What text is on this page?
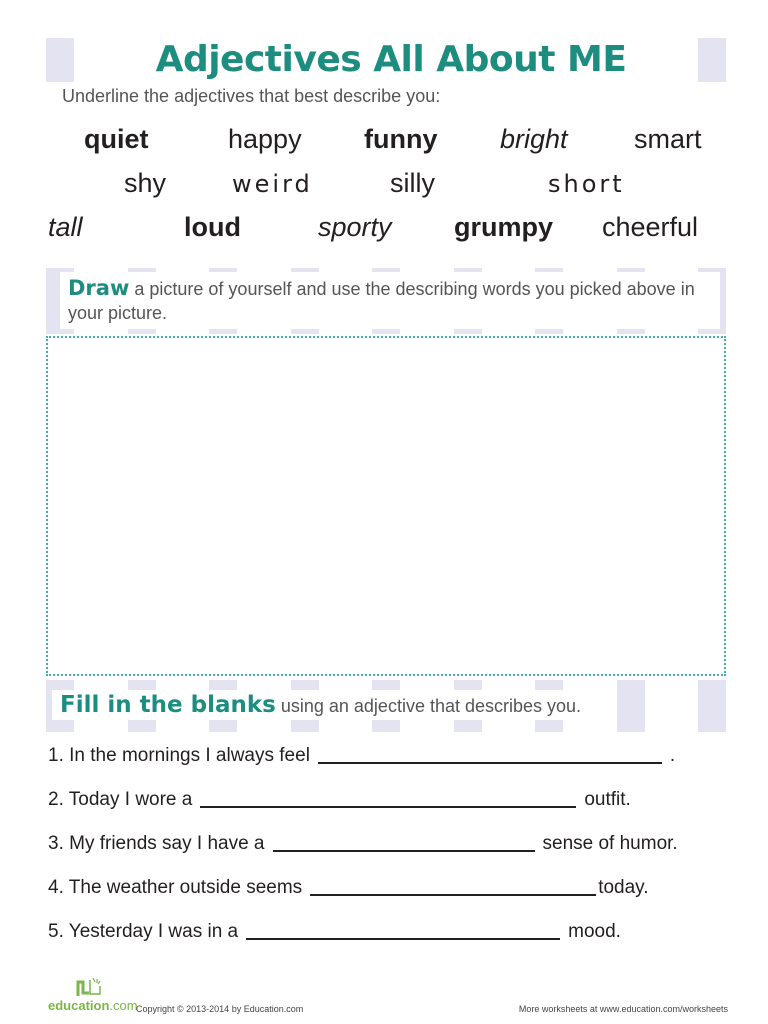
Adjectives All About ME
Underline the adjectives that best describe you:
quiet	happy funny bright smart
shy	weird	silly	short
tall	loud	sporty grumpy cheerful
Draw a picture of yourself and use the describing words you picked above in your picture.
Fill in the blanks using an adjective that describes you.
1. In the mornings I always feel	.
2. Today I wore a	outfit.
3. My friends say I have a	sense of humor.
4. The weather outside seems	today.
5. Yesterday I was in a	mood.
education.com
Copyright © 2013-2014 by Education.com	More worksheets at www.education.com/worksheets
